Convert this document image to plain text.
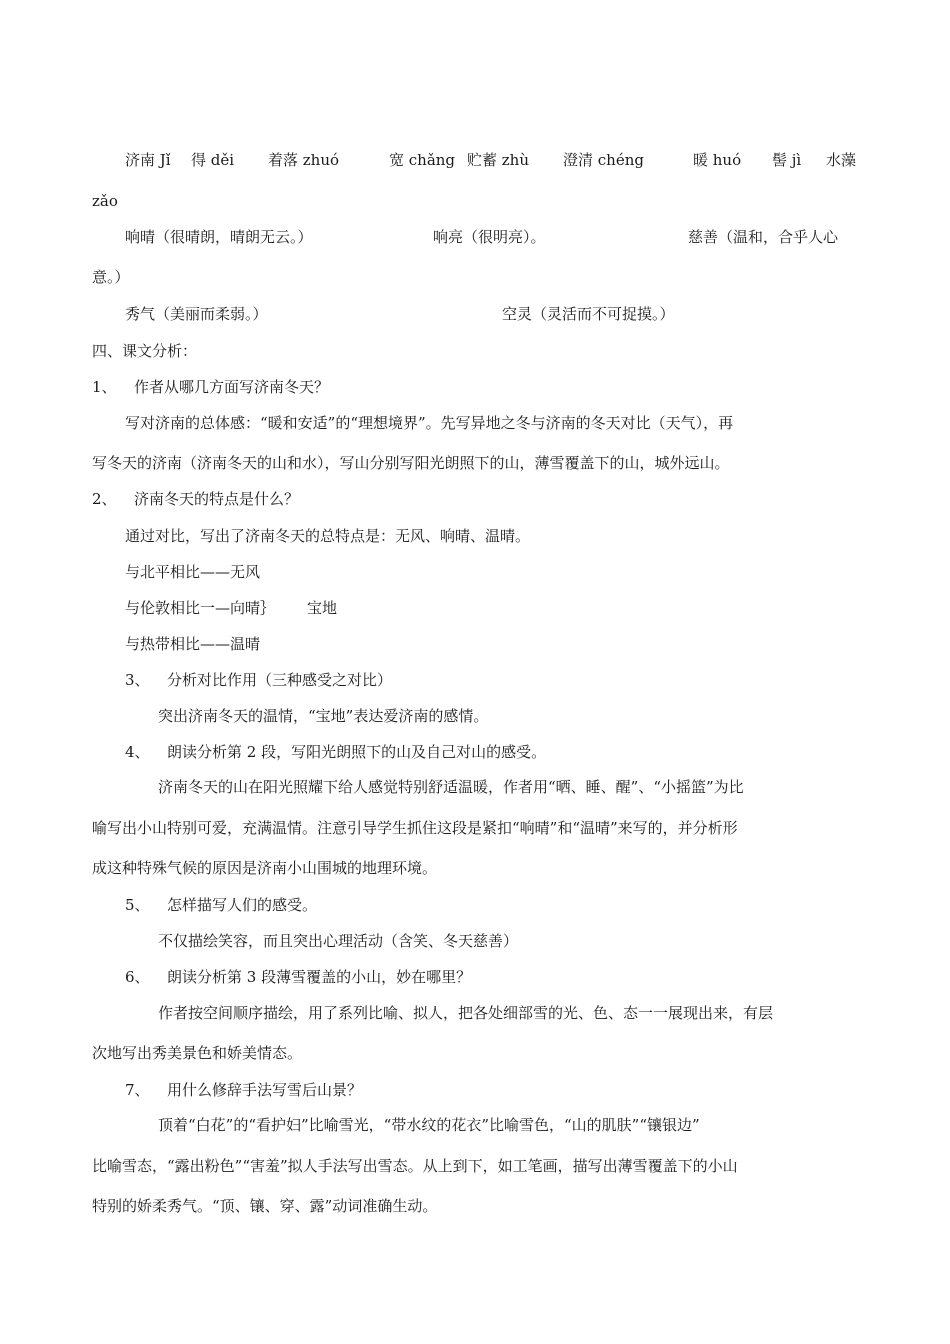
济南 Jǐ 得 děi 着落 zhuó	宽 chǎng 贮蓄 zhù 澄清 chéng	暖 huó 髻 jì 水藻
zǎo
响晴（很晴朗，晴朗无云。）	响亮（很明亮）。	慈善（温和，合乎人心
意。）
秀气（美丽而柔弱。）	空灵（灵活而不可捉摸。）
四、课文分析：
1、 作者从哪几方面写济南冬天？
写对济南的总体感：“暖和安适”的“理想境界”。先写异地之冬与济南的冬天对比（天气），再
写冬天的济南（济南冬天的山和水），写山分别写阳光朗照下的山，薄雪覆盖下的山，城外远山。
2、 济南冬天的特点是什么？
通过对比，写出了济南冬天的总特点是：无风、响晴、温晴。
与北平相比——无风
与伦敦相比一—向晴｝ 宝地
与热带相比——温晴
3、 分析对比作用（三种感受之对比）
突出济南冬天的温情，“宝地”表达爱济南的感情。
4、 朗读分析第 2 段，写阳光朗照下的山及自己对山的感受。
济南冬天的山在阳光照耀下给人感觉特别舒适温暖，作者用“晒、睡、醒”、“小摇篮”为比
喻写出小山特别可爱，充满温情。注意引导学生抓住这段是紧扣“响晴”和“温晴”来写的，并分析形
成这种特殊气候的原因是济南小山围城的地理环境。
5、 怎样描写人们的感受。
不仅描绘笑容，而且突出心理活动（含笑、冬天慈善）
6、 朗读分析第 3 段薄雪覆盖的小山，妙在哪里？
作者按空间顺序描绘，用了系列比喻、拟人，把各处细部雪的光、色、态一一展现出来，有层
次地写出秀美景色和娇美情态。
7、 用什么修辞手法写雪后山景？
顶着“白花”的“看护妇”比喻雪光，“带水纹的花衣”比喻雪色，“山的肌肤”“镶银边”
比喻雪态，“露出粉色”“害羞”拟人手法写出雪态。从上到下，如工笔画，描写出薄雪覆盖下的小山
特别的娇柔秀气。“顶、镶、穿、露”动词准确生动。
